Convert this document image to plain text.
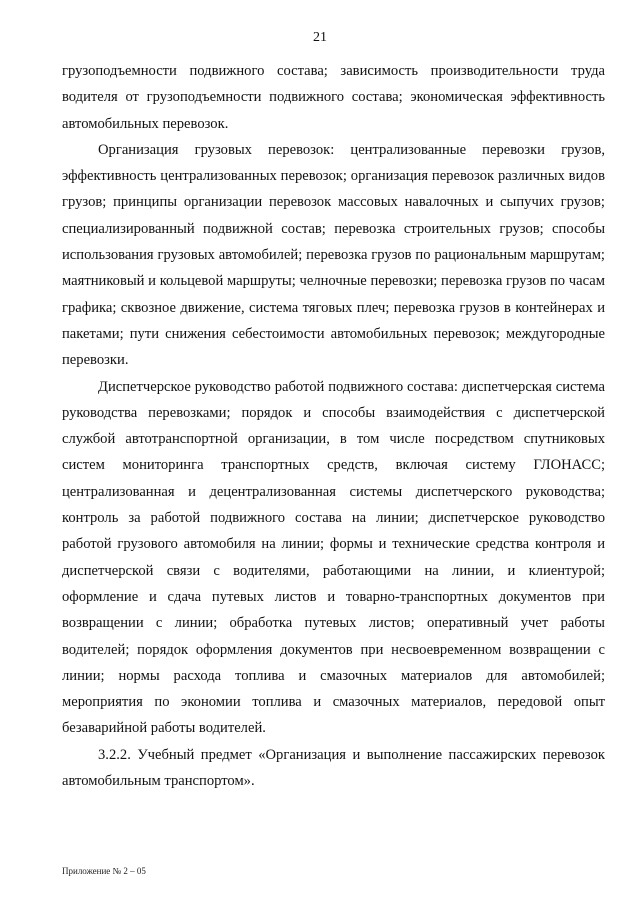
21

грузоподъемности подвижного состава; зависимость производительности труда водителя от грузоподъемности подвижного состава; экономическая эффективность автомобильных перевозок.

Организация грузовых перевозок: централизованные перевозки грузов, эффективность централизованных перевозок; организация перевозок различных видов грузов; принципы организации перевозок массовых навалочных и сыпучих грузов; специализированный подвижной состав; перевозка строительных грузов; способы использования грузовых автомобилей; перевозка грузов по рациональным маршрутам; маятниковый и кольцевой маршруты; челночные перевозки; перевозка грузов по часам графика; сквозное движение, система тяговых плеч; перевозка грузов в контейнерах и пакетами; пути снижения себестоимости автомобильных перевозок; междугородные перевозки.

Диспетчерское руководство работой подвижного состава: диспетчерская система руководства перевозками; порядок и способы взаимодействия с диспетчерской службой автотранспортной организации, в том числе посредством спутниковых систем мониторинга транспортных средств, включая систему ГЛОНАСС; централизованная и децентрализованная системы диспетчерского руководства; контроль за работой подвижного состава на линии; диспетчерское руководство работой грузового автомобиля на линии; формы и технические средства контроля и диспетчерской связи с водителями, работающими на линии, и клиентурой; оформление и сдача путевых листов и товарно-транспортных документов при возвращении с линии; обработка путевых листов; оперативный учет работы водителей; порядок оформления документов при несвоевременном возвращении с линии; нормы расхода топлива и смазочных материалов для автомобилей; мероприятия по экономии топлива и смазочных материалов, передовой опыт безаварийной работы водителей.

3.2.2. Учебный предмет «Организация и выполнение пассажирских перевозок автомобильным транспортом».

Приложение № 2 – 05
